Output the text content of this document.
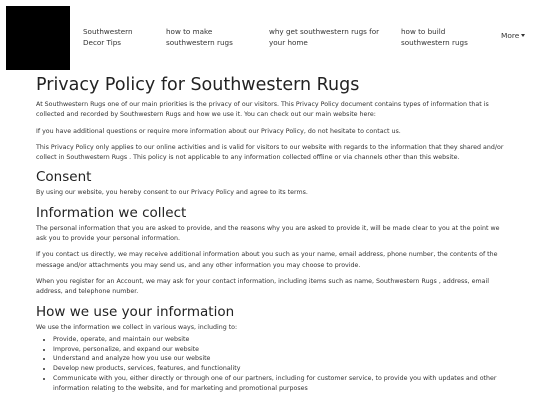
Southwestern
Decor Tips
how to make
southwestern rugs
why get southwestern rugs for
your home
how to build
southwestern rugs
More
Privacy Policy for Southwestern Rugs

At Southwestern Rugs one of our main priorities is the privacy of our visitors. This Privacy Policy document contains types of information that is collected and recorded by Southwestern Rugs and how we use it. You can check out our main website here:

If you have additional questions or require more information about our Privacy Policy, do not hesitate to contact us.

This Privacy Policy only applies to our online activities and is valid for visitors to our website with regards to the information that they shared and/or collect in Southwestern Rugs . This policy is not applicable to any information collected offline or via channels other than this website.

Consent

By using our website, you hereby consent to our Privacy Policy and agree to its terms.

Information we collect

The personal information that you are asked to provide, and the reasons why you are asked to provide it, will be made clear to you at the point we ask you to provide your personal information.

If you contact us directly, we may receive additional information about you such as your name, email address, phone number, the contents of the message and/or attachments you may send us, and any other information you may choose to provide.

When you register for an Account, we may ask for your contact information, including items such as name, Southwestern Rugs , address, email address, and telephone number.

How we use your information

We use the information we collect in various ways, including to:

• Provide, operate, and maintain our website
• Improve, personalize, and expand our website
• Understand and analyze how you use our website
• Develop new products, services, features, and functionality
• Communicate with you, either directly or through one of our partners, including for customer service, to provide you with updates and other information relating to the website, and for marketing and promotional purposes
